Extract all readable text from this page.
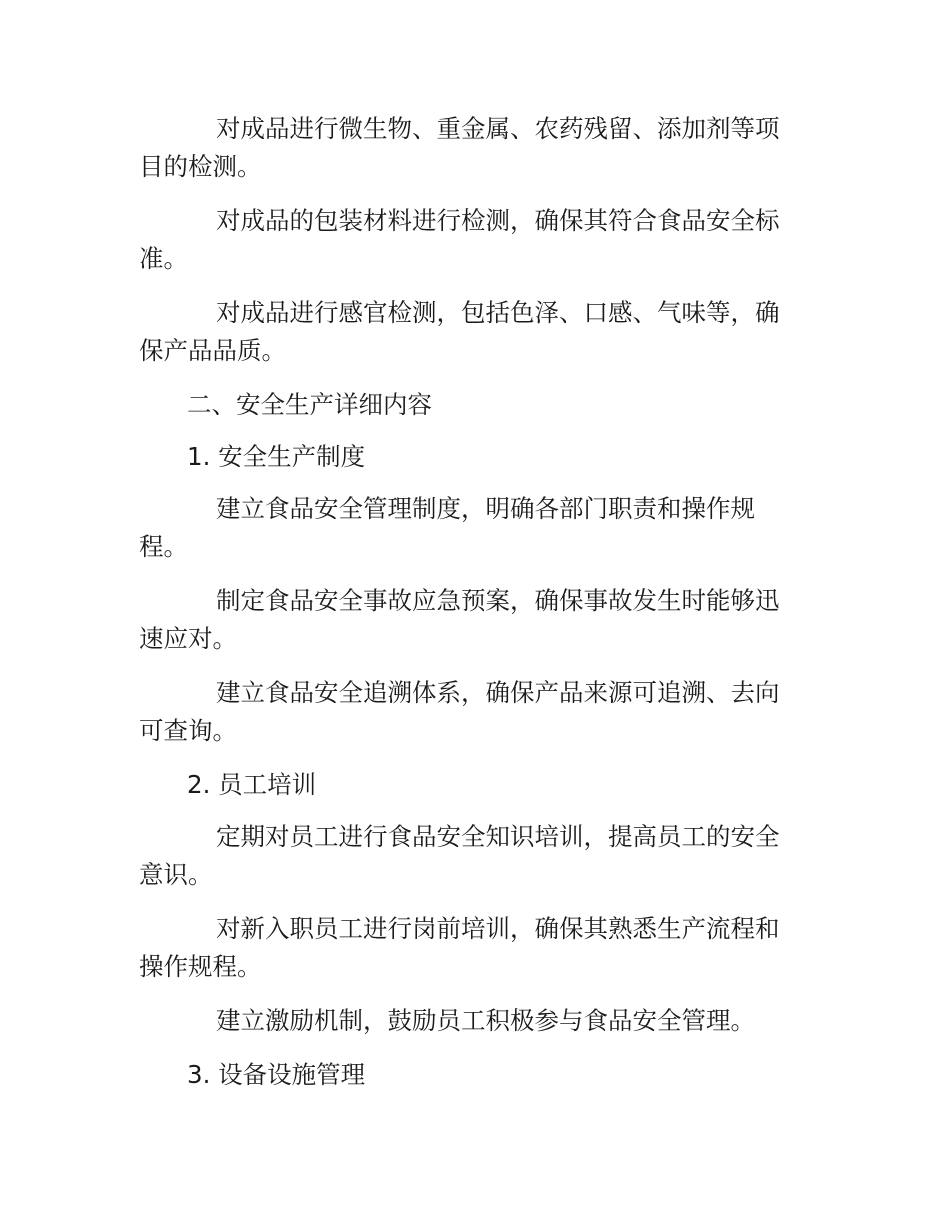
对成品进行微生物、重金属、农药残留、添加剂等项目的检测。

对成品的包装材料进行检测，确保其符合食品安全标准。

对成品进行感官检测，包括色泽、口感、气味等，确保产品品质。

二、安全生产详细内容
1. 安全生产制度

建立食品安全管理制度，明确各部门职责和操作规程。

制定食品安全事故应急预案，确保事故发生时能够迅速应对。

建立食品安全追溯体系，确保产品来源可追溯、去向可查询。

2. 员工培训

定期对员工进行食品安全知识培训，提高员工的安全意识。

对新入职员工进行岗前培训，确保其熟悉生产流程和操作规程。

建立激励机制，鼓励员工积极参与食品安全管理。

3. 设备设施管理
